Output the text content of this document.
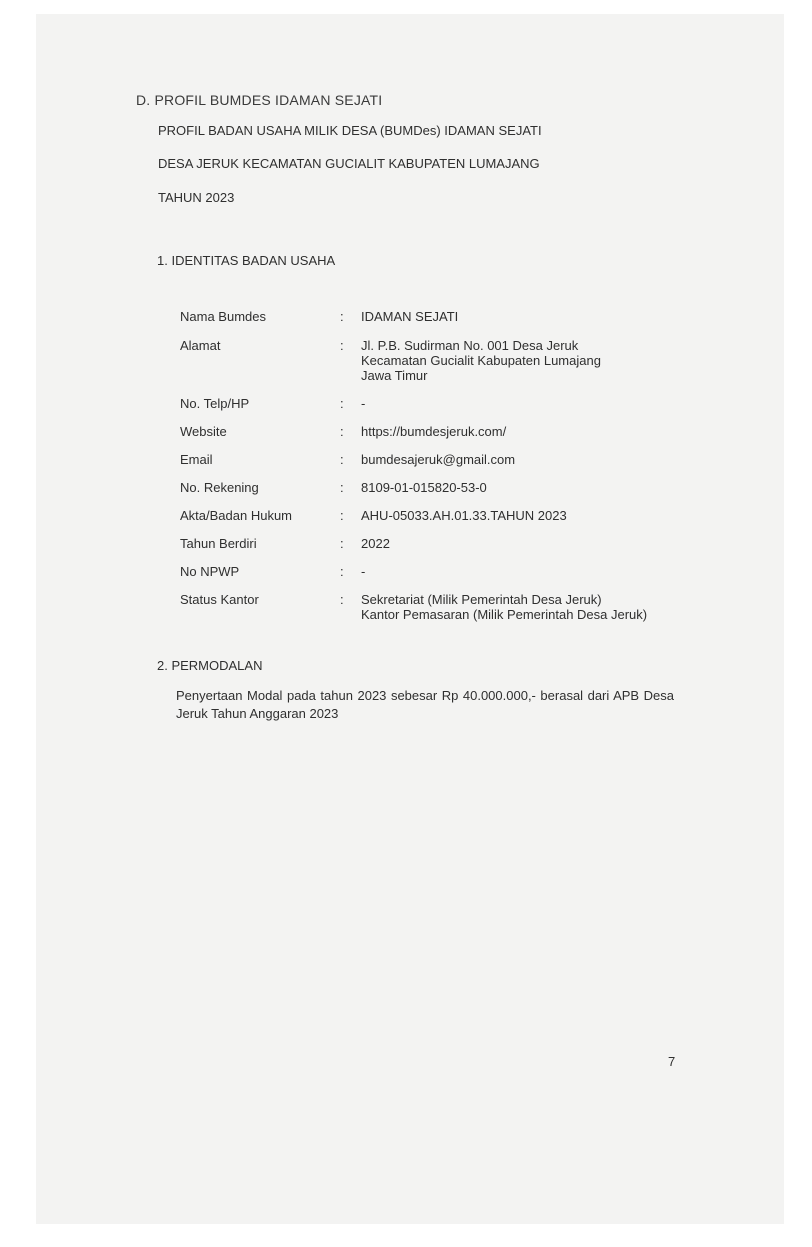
D. PROFIL BUMDES IDAMAN SEJATI
PROFIL BADAN USAHA MILIK DESA (BUMDes) IDAMAN SEJATI
DESA JERUK KECAMATAN GUCIALIT KABUPATEN LUMAJANG
TAHUN 2023
1. IDENTITAS BADAN USAHA
Nama Bumdes	: IDAMAN SEJATI
Alamat	: Jl. P.B. Sudirman No. 001 Desa Jeruk
Kecamatan Gucialit Kabupaten Lumajang
Jawa Timur
No. Telp/HP	: -
Website	: https://bumdesjeruk.com/
Email	: bumdesajeruk@gmail.com
No. Rekening	: 8109-01-015820-53-0
Akta/Badan Hukum	: AHU-05033.AH.01.33.TAHUN 2023
Tahun Berdiri	: 2022
No NPWP	: -
Status Kantor	: Sekretariat (Milik Pemerintah Desa Jeruk)
Kantor Pemasaran (Milik Pemerintah Desa Jeruk)
2. PERMODALAN
Penyertaan Modal pada tahun 2023 sebesar Rp 40.000.000,- berasal dari APB Desa Jeruk Tahun Anggaran 2023
7
